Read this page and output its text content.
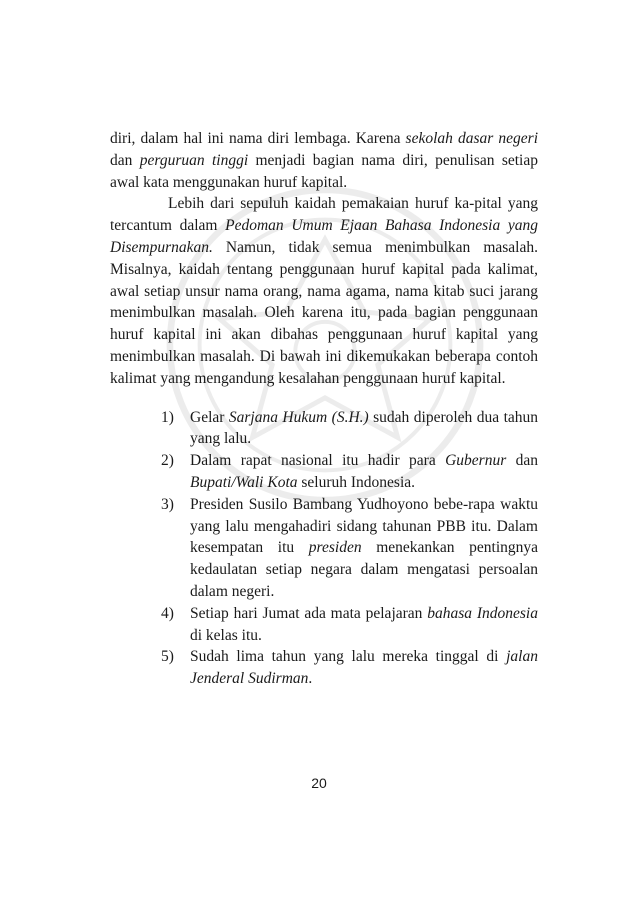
diri, dalam hal ini nama diri lembaga. Karena sekolah dasar negeri dan perguruan tinggi menjadi bagian nama diri, penulisan setiap awal kata menggunakan huruf kapital.

Lebih dari sepuluh kaidah pemakaian huruf ka-pital yang tercantum dalam Pedoman Umum Ejaan Bahasa Indonesia yang Disempurnakan. Namun, tidak semua menimbulkan masalah. Misalnya, kaidah tentang penggunaan huruf kapital pada kalimat, awal setiap unsur nama orang, nama agama, nama kitab suci jarang menimbulkan masalah. Oleh karena itu, pada bagian penggunaan huruf kapital ini akan dibahas penggunaan huruf kapital yang menimbulkan masalah. Di bawah ini dikemukakan beberapa contoh kalimat yang mengandung kesalahan penggunaan huruf kapital.

1) Gelar Sarjana Hukum (S.H.) sudah diperoleh dua tahun yang lalu.
2) Dalam rapat nasional itu hadir para Gubernur dan Bupati/Wali Kota seluruh Indonesia.
3) Presiden Susilo Bambang Yudhoyono bebe-rapa waktu yang lalu mengahadiri sidang tahunan PBB itu. Dalam kesempatan itu presiden menekankan pentingnya kedaulatan setiap negara dalam mengatasi persoalan dalam negeri.
4) Setiap hari Jumat ada mata pelajaran bahasa Indonesia di kelas itu.
5) Sudah lima tahun yang lalu mereka tinggal di jalan Jenderal Sudirman.
20
